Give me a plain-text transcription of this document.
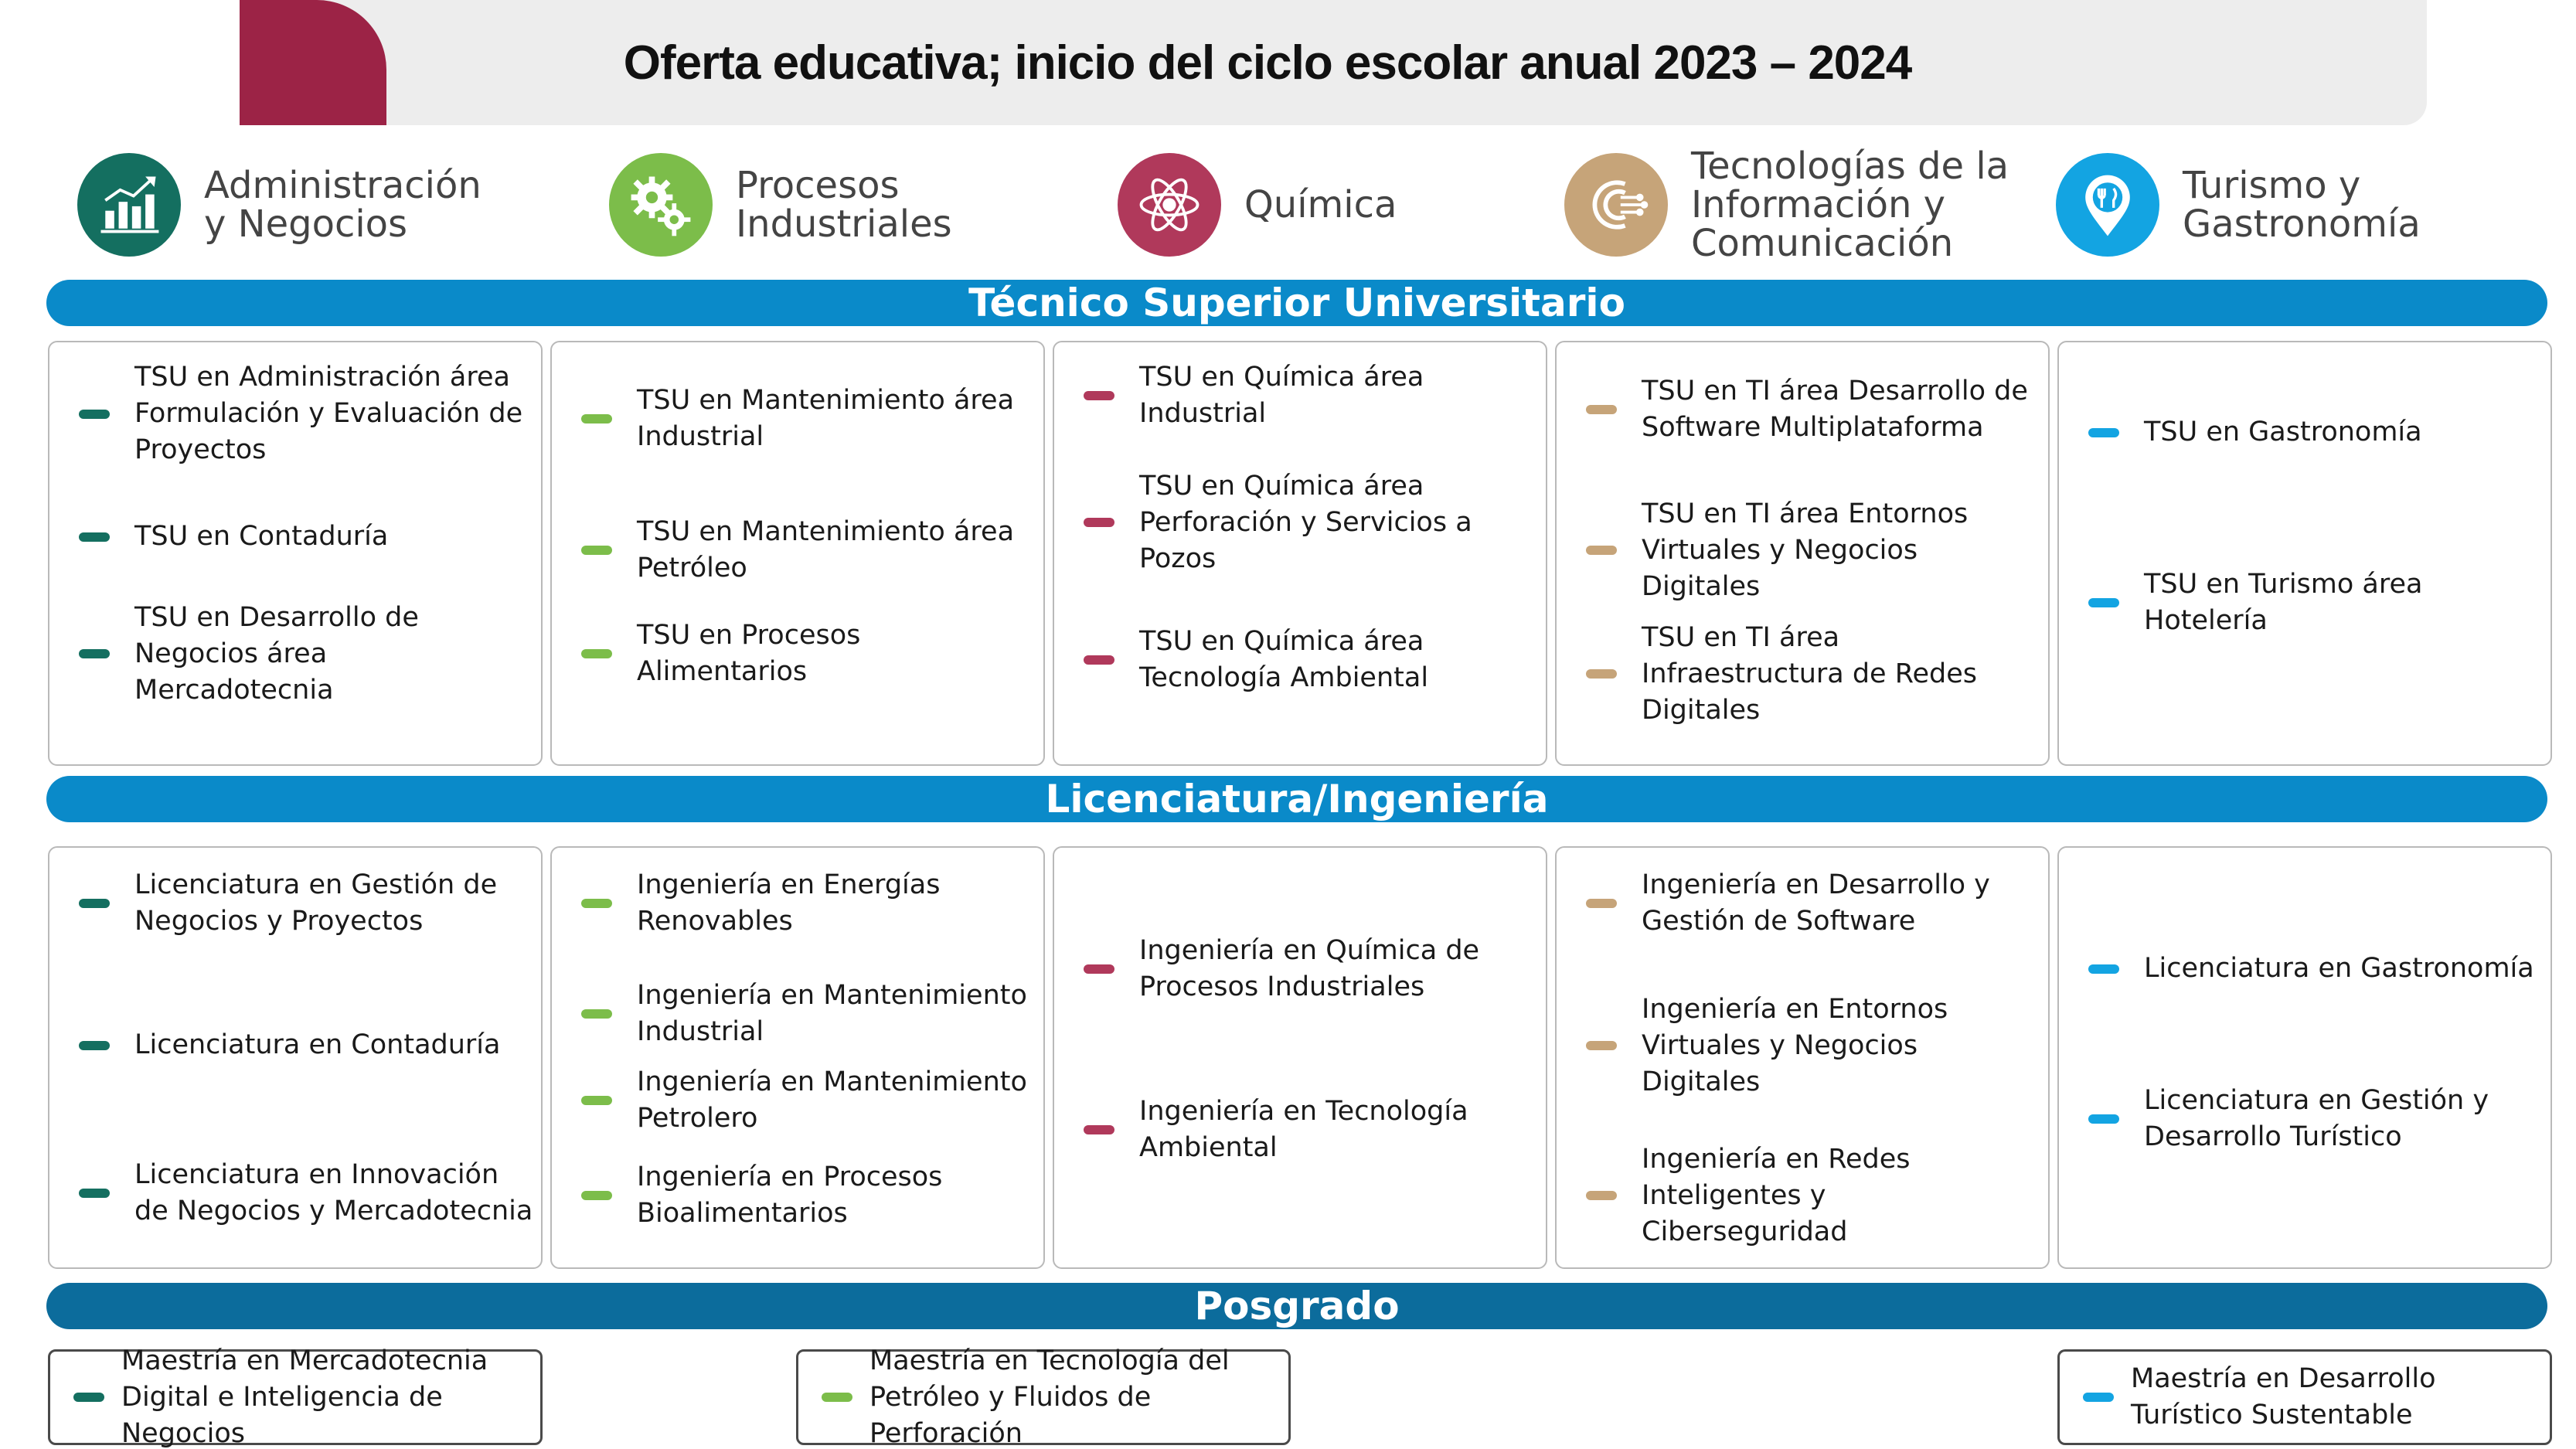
Oferta educativa; inicio del ciclo escolar anual 2023 – 2024
Administración
y Negocios
Procesos
Industriales	Química
Tecnologías de la
Información y
Comunicación
Turismo y
Gastronomía
Técnico Superior Universitario
TSU en Administración área Formulación y Evaluación de Proyectos
TSU en Contaduría
TSU en Desarrollo de Negocios área Mercadotecnia
TSU en Mantenimiento área Industrial
TSU en Mantenimiento área Petróleo
TSU en Procesos Alimentarios
TSU en Química área Industrial
TSU en Química área Perforación y Servicios a Pozos
TSU en Química área Tecnología Ambiental
TSU en TI área Desarrollo de Software Multiplataforma
TSU en TI área Entornos Virtuales y Negocios Digitales
TSU en TI área Infraestructura de Redes Digitales
TSU en Gastronomía
TSU en Turismo área Hotelería
Licenciatura/Ingeniería
Licenciatura en Gestión de Negocios y Proyectos
Licenciatura en Contaduría
Licenciatura en Innovación de Negocios y Mercadotecnia
Ingeniería en Energías Renovables
Ingeniería en Mantenimiento Industrial
Ingeniería en Mantenimiento Petrolero
Ingeniería en Procesos Bioalimentarios
Ingeniería en Química de Procesos Industriales
Ingeniería en Tecnología Ambiental
Ingeniería en Desarrollo y Gestión de Software
Ingeniería en Entornos Virtuales y Negocios Digitales
Ingeniería en Redes Inteligentes y Ciberseguridad
Licenciatura en Gastronomía
Licenciatura en Gestión y Desarrollo Turístico
Posgrado
Maestría en Mercadotecnia Digital e Inteligencia de Negocios
Maestría en Tecnología del Petróleo y Fluidos de Perforación
Maestría en Desarrollo Turístico Sustentable
